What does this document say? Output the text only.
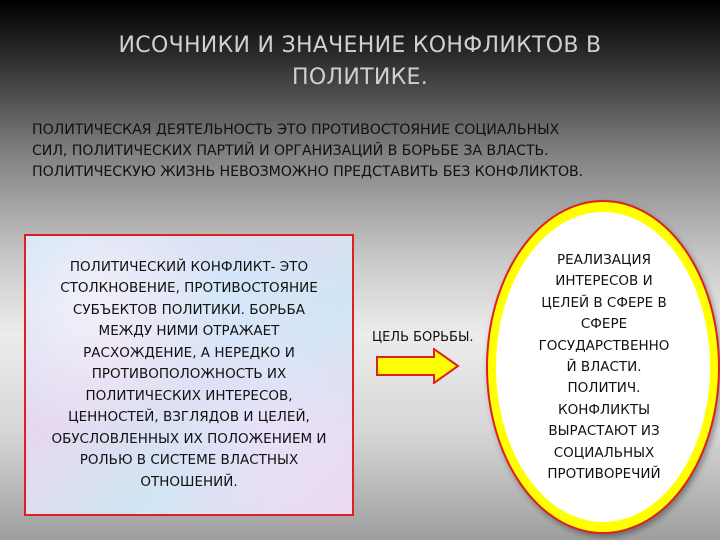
ИСОЧНИКИ И ЗНАЧЕНИЕ КОНФЛИКТОВ В
ПОЛИТИКЕ.
ПОЛИТИЧЕСКАЯ ДЕЯТЕЛЬНОСТЬ ЭТО ПРОТИВОСТОЯНИЕ СОЦИАЛЬНЫХ
СИЛ, ПОЛИТИЧЕСКИХ ПАРТИЙ И ОРГАНИЗАЦИЙ В БОРЬБЕ ЗА ВЛАСТЬ.
ПОЛИТИЧЕСКУЮ ЖИЗНЬ НЕВОЗМОЖНО ПРЕДСТАВИТЬ БЕЗ КОНФЛИКТОВ.
ПОЛИТИЧЕСКИЙ КОНФЛИКТ- ЭТО
СТОЛКНОВЕНИЕ, ПРОТИВОСТОЯНИЕ
СУБЪЕКТОВ ПОЛИТИКИ. БОРЬБА
МЕЖДУ НИМИ ОТРАЖАЕТ
РАСХОЖДЕНИЕ, А НЕРЕДКО И
ПРОТИВОПОЛОЖНОСТЬ ИХ
ПОЛИТИЧЕСКИХ ИНТЕРЕСОВ,
ЦЕННОСТЕЙ, ВЗГЛЯДОВ И ЦЕЛЕЙ,
ОБУСЛОВЛЕННЫХ ИХ ПОЛОЖЕНИЕМ И
РОЛЬЮ В СИСТЕМЕ ВЛАСТНЫХ
ОТНОШЕНИЙ.
ЦЕЛЬ БОРЬБЫ.
РЕАЛИЗАЦИЯ
ИНТЕРЕСОВ И
ЦЕЛЕЙ В СФЕРЕ В
СФЕРЕ
ГОСУДАРСТВЕННО
Й ВЛАСТИ.
ПОЛИТИЧ.
КОНФЛИКТЫ
ВЫРАСТАЮТ ИЗ
СОЦИАЛЬНЫХ
ПРОТИВОРЕЧИЙ
